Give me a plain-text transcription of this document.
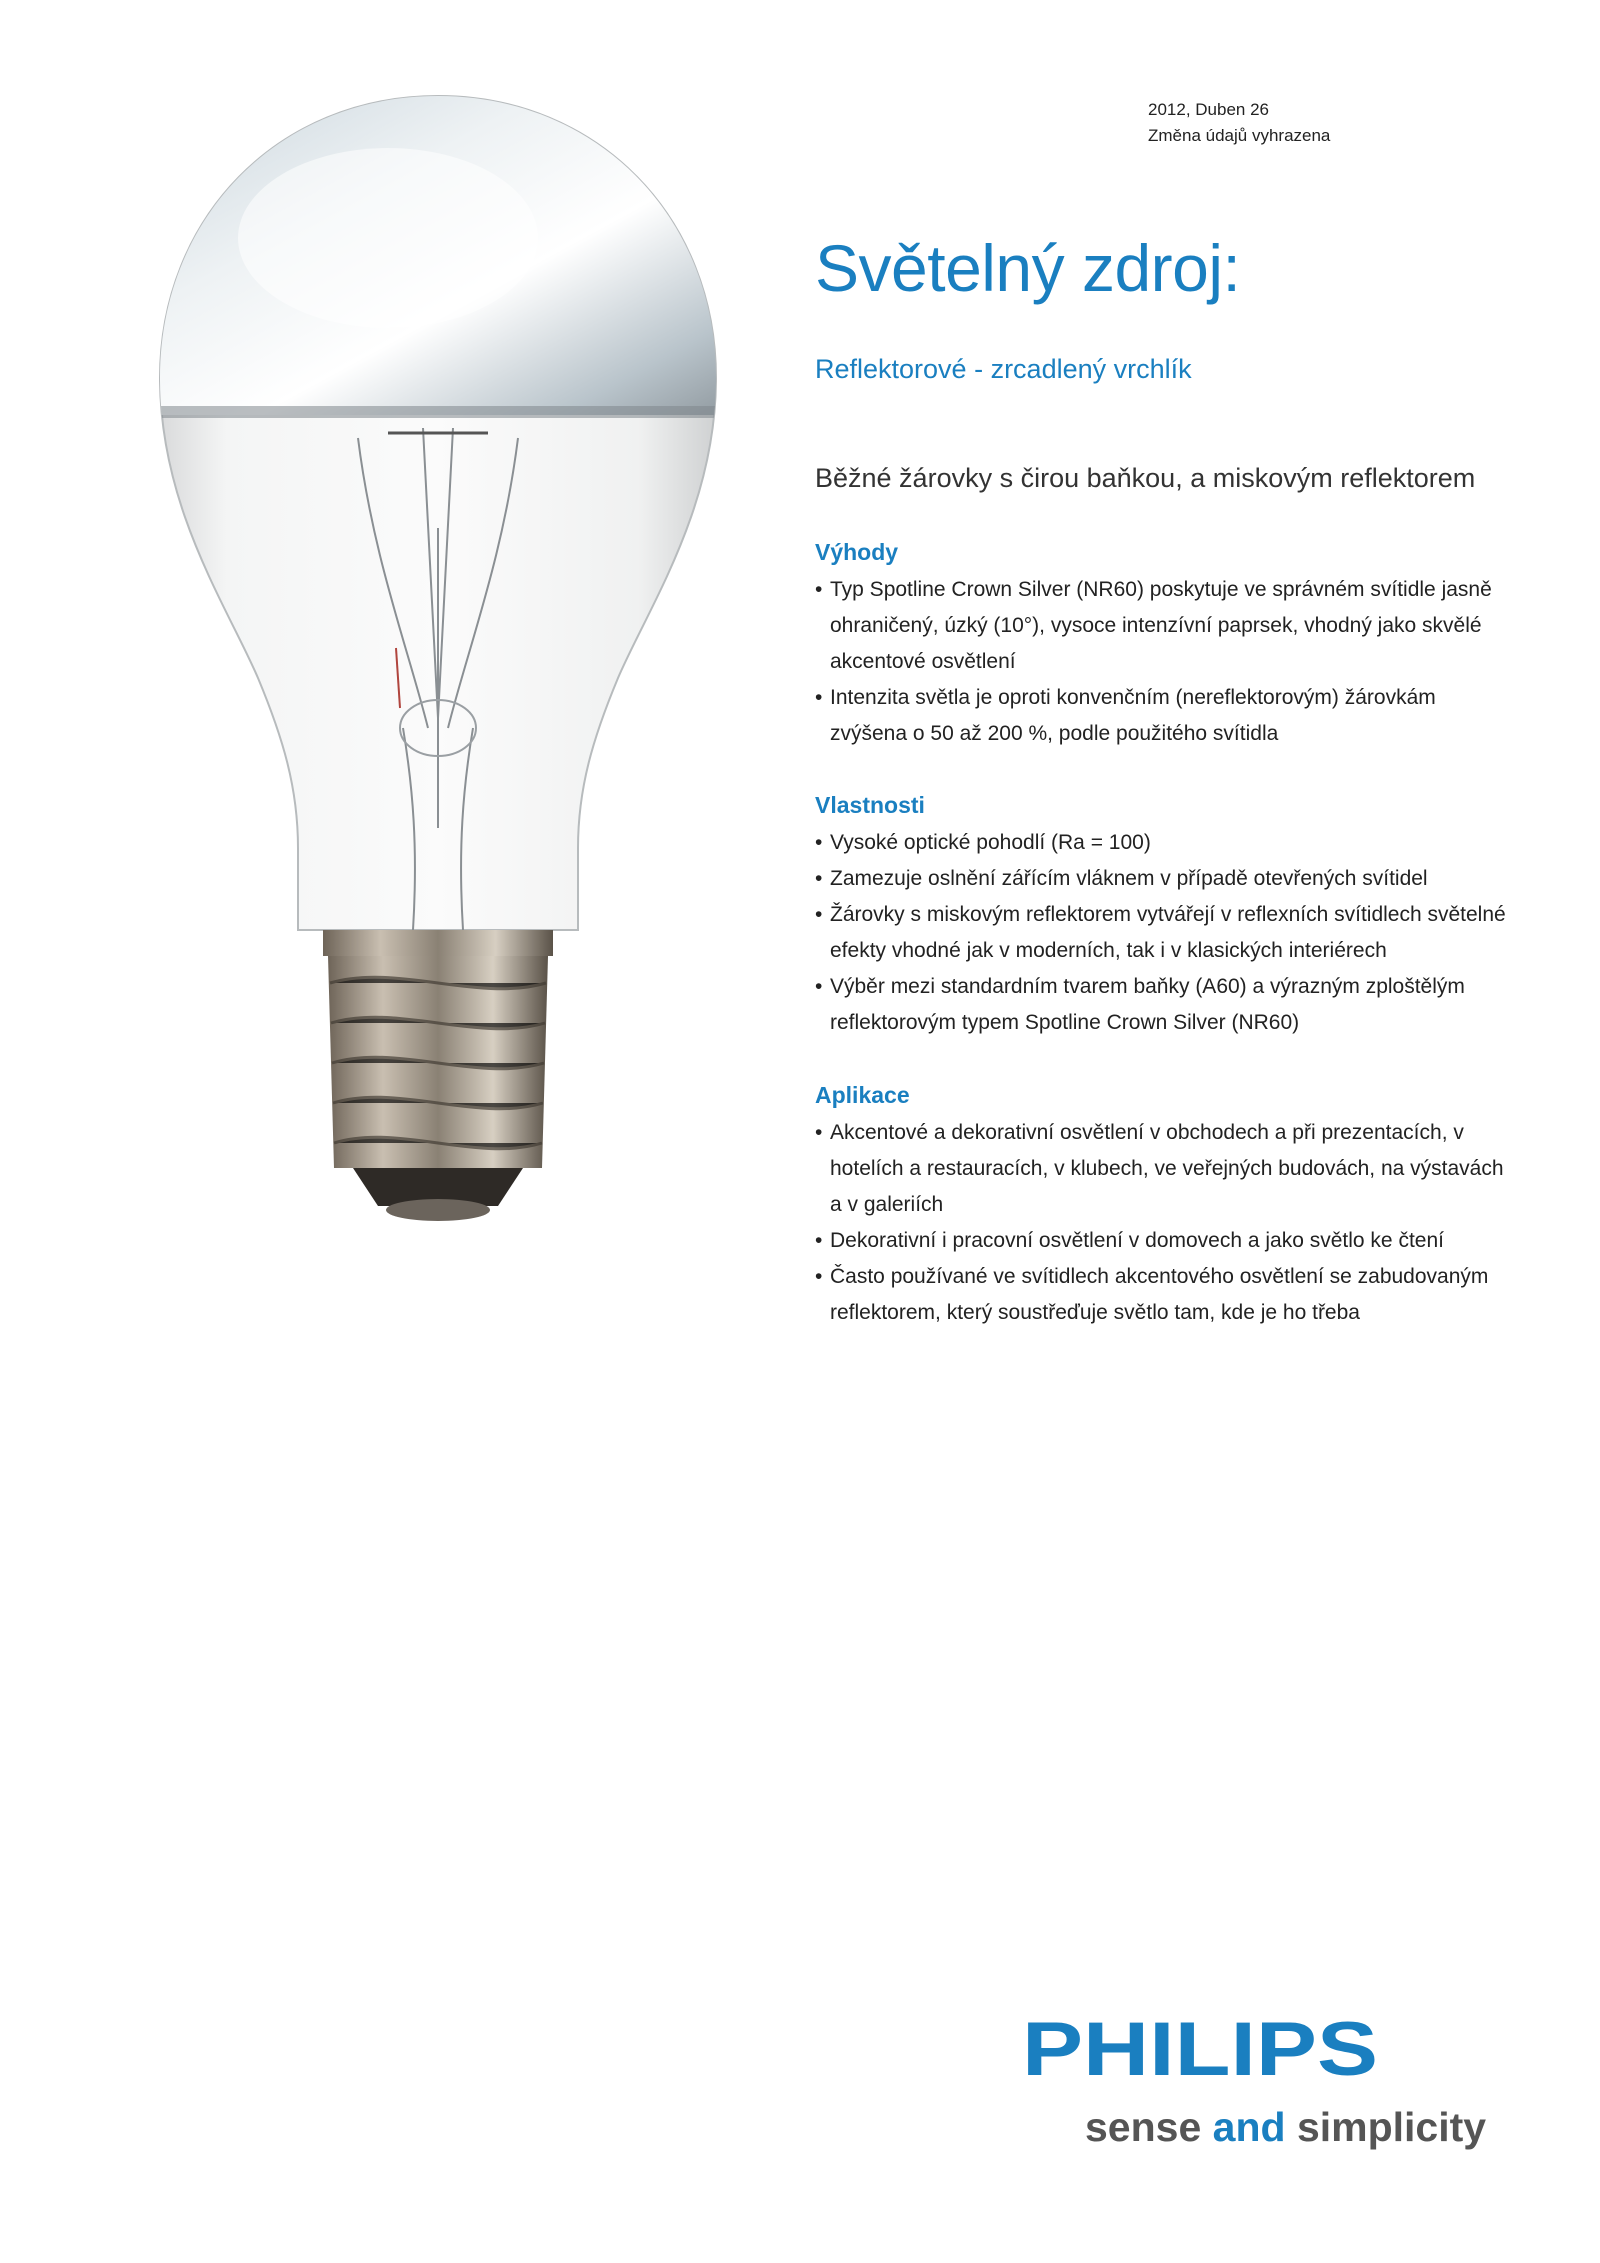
2012, Duben 26
Změna údajů vyhrazena
Světelný zdroj:
Reflektorové - zrcadlený vrchlík

Běžné žárovky s čirou baňkou, a miskovým reflektorem

Výhody
• Typ Spotline Crown Silver (NR60) poskytuje ve správném svítidle jasně ohraničený, úzký (10°), vysoce intenzívní paprsek, vhodný jako skvělé akcentové osvětlení
• Intenzita světla je oproti konvenčním (nereflektorovým) žárovkám zvýšena o 50 až 200 %, podle použitého svítidla
Vlastnosti
• Vysoké optické pohodlí (Ra = 100)
• Zamezuje oslnění zářícím vláknem v případě otevřených svítidel
• Žárovky s miskovým reflektorem vytvářejí v reflexních svítidlech světelné efekty vhodné jak v moderních, tak i v klasických interiérech
• Výběr mezi standardním tvarem baňky (A60) a výrazným zploštělým reflektorovým typem Spotline Crown Silver (NR60)
Aplikace
• Akcentové a dekorativní osvětlení v obchodech a při prezentacích, v hotelích a restauracích, v klubech, ve veřejných budovách, na výstavách a v galeriích
• Dekorativní i pracovní osvětlení v domovech a jako světlo ke čtení
• Často používané ve svítidlech akcentového osvětlení se zabudovaným reflektorem, který soustřeďuje světlo tam, kde je ho třeba
PHILIPS
sense and simplicity
